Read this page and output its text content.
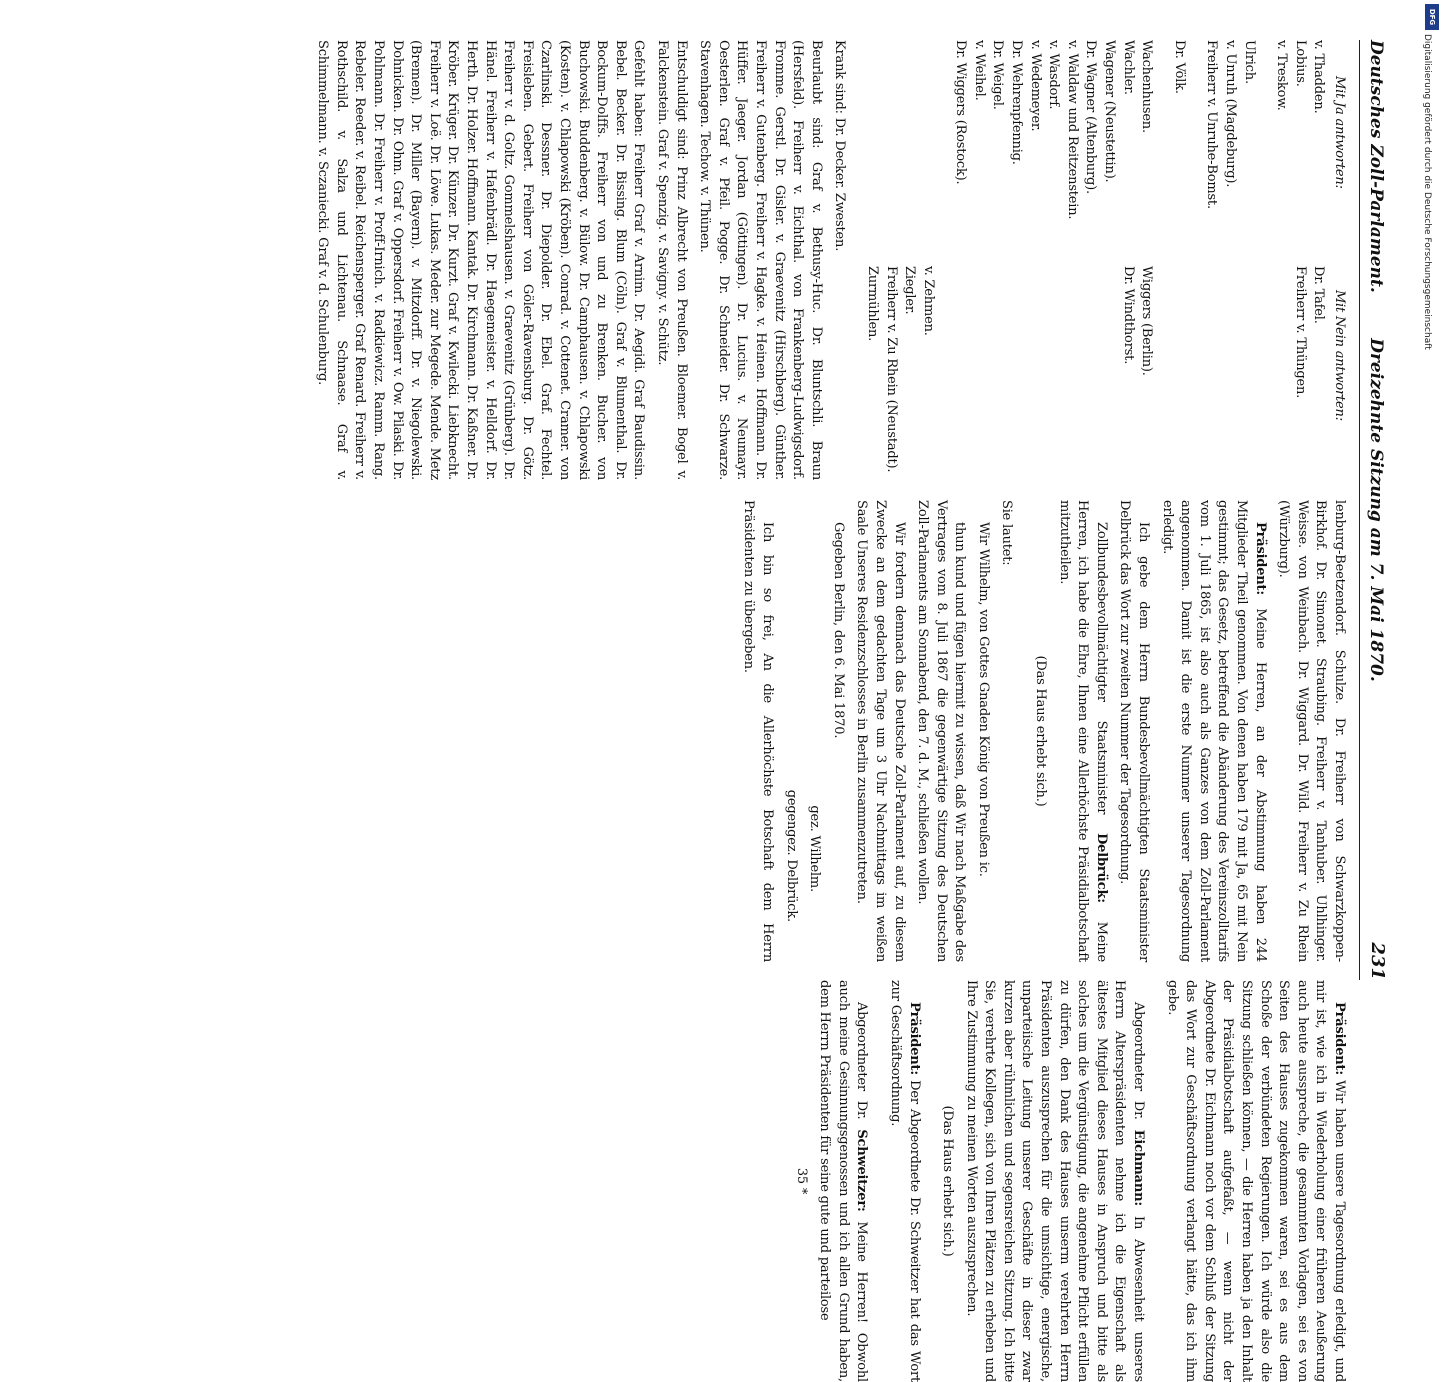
Deutsches Zoll-Parlament.
Dreizehnte Sitzung am 7. Mai 1870.
231
Mit Ja antworten: Mit Nein antworten:
v. Thadden.
Lobius.
v. Treskow.
Dr. Tafel.
Freiherr v. Thüngen.
Ulrich.
v. Unruh (Magdeburg).
Freiherr v. Unruhe-Bomst.
Dr. Völk.
Wachenhusen.
Wachler.
Wagener (Neustettin).
Dr. Wagner (Altenburg).
v. Waldaw und Reitzenstein.
v. Wasdorf.
v. Wedemeyer.
Dr. Wehrenpfennig.
Dr. Weigel.
v. Weihel.
Dr. Wiggers (Rostock).
Wiggers (Berlin).
Dr. Windthorst.
v. Zehmen.
Ziegler.
Freiherr v. Zu Rhein (Neustadt).
Zurmühlen.

Krank sind: Dr. Decker. Zwesten.

Beurlaubt sind: Graf v. Bethusy-Huc. Dr. Bluntschli. Braun (Hersfeld). Freiherr v. Eichthal. von Frankenberg-Ludwigsdorf. Fromme. Gerstl. Dr. Gisler. v. Graevenitz (Hirschberg). Günther. Freiherr v. Gutenberg. Freiherr v. Hagke. v. Heinen. Hoffmann. Dr. Hüffer. Jaeger. Jordan (Göttingen). Dr. Lucius. v. Neumayr. Oesterlen. Graf v. Pfeil. Pogge. Dr. Schneider. Dr. Schwarze. Stavenhagen. Techow. v. Thünen.

Entschuldigt sind: Prinz Albrecht von Preußen. Bloemer. Bogel v. Falckenstein. Graf v. Spenzig. v. Savigny. v. Schütz.

Gefehlt haben: Freiherr Graf v. Arnim. Dr. Aegidi. Graf Baudissin. Bebel. Becker. Dr. Bissing. Blum (Cöln). Graf v. Blumenthal. Dr. Bockum-Dolffs. Freiherr von und zu Brenken. Bucher. von Buchowski. Buddenberg. v. Bülow. Dr. Camphausen. v. Chlapowski (Kosten). v. Chlapowski (Kröben). Conrad. v. Cottenet. Cramer. von Czarlinski. Dessner. Dr. Diepolder. Dr. Ebel. Graf. Fechtel. Freisleben. Gebert. Freiherr von Göler-Ravensburg. Dr. Götz. Freiherr v. d. Goltz. Gommelshausen. v. Graevenitz (Grünberg). Dr. Hänel. Freiherr v. Hafenbrädl. Dr. Haegemeister. v. Helldorf. Dr. Herth. Dr. Holzer. Hoffmann. Kantak. Dr. Kirchmann. Dr. Kaßner. Dr. Kröber. Krüger. Dr. Künzer. Dr. Kurzt. Graf v. Kwilecki. Liebknecht. Freiherr v. Loë. Dr. Löwe. Lukas. Meder. zur Megede. Mende. Metz (Bremen). Dr. Miller (Bayern). v. Mitzdorff. Dr. v. Niegolewski. Dohnicken. Dr. Ohm. Graf v. Oppersdorf. Freiherr v. Ow. Pilaski. Dr. Pohlmann. Dr. Freiherr v. Proff-Irnich. v. Radkiewicz. Ramm. Rang. Rebeler. Reeder. v. Reibel. Reichensperger. Graf Renard. Freiherr v. Rothschild. v. Salza und Lichtenau. Schnaase. Graf v. Schimmelmann. v. Sczaniecki. Graf v. d. Schulenburg.

lenburg-Beetzendorf. Schulze. Dr. Freiherr von Schwarzkoppen-Birkhof. Dr. Simonet. Straubing. Freiherr v. Tanhuber. Uhlhinger. Weisse. von Weinbach. Dr. Wiggard. Dr. Wild. Freiherr v. Zu Rhein (Würzburg).

Präsident: Meine Herren, an der Abstimmung haben 244 Mitglieder Theil genommen. Von denen haben 179 mit Ja, 65 mit Nein gestimmt; das Gesetz, betreffend die Abänderung des Vereinszolltarifs vom 1. Juli 1865, ist also auch als Ganzes von dem Zoll-Parlament angenommen. Damit ist die erste Nummer unserer Tagesordnung erledigt.

Ich gebe dem Herrn Bundesbevollmächtigten Staatsminister Delbrück das Wort zur zweiten Nummer der Tagesordnung.

Zollbundesbevollmächtigter Staatsminister Delbrück: Meine Herren, ich habe die Ehre, Ihnen eine Allerhöchste Präsidialbotschaft mitzutheilen.

(Das Haus erhebt sich.)

Sie lautet:

Wir Wilhelm, von Gottes Gnaden König von Preußen ic.

thun kund und fügen hiermit zu wissen, daß Wir nach Maßgabe des Vertrages vom 8. Juli 1867 die gegenwärtige Sitzung des Deutschen Zoll-Parlaments am Sonnabend, den 7. d. M., schließen wollen.

Wir fordern demnach das Deutsche Zoll-Parlament auf, zu diesem Zwecke an dem gedachten Tage um 3 Uhr Nachmittags im weißen Saale Unseres Residenzschlosses in Berlin zusammenzutreten.

Gegeben Berlin, den 6. Mai 1870.

gez. Wilhelm.

gegengez. Delbrück.

Ich bin so frei, An die Allerhöchste Botschaft dem Herrn Präsidenten zu übergeben.

Präsident: Wir haben unsere Tagesordnung erledigt, und mir ist, wie ich in Wiederholung einer früheren Aeußerung auch heute ausspreche, die gesammten Vorlagen, sei es von Seiten des Hauses zugekommen waren, sei es aus dem Schoße der verbündeten Regierungen. Ich würde also die Sitzung schließen können, — die Herren haben ja den Inhalt der Präsidialbotschaft aufgefaßt, — wenn nicht der Abgeordnete Dr. Eichmann noch vor dem Schluß der Sitzung das Wort zur Geschäftsordnung verlangt hätte, das ich ihm gebe.

Abgeordneter Dr. Eichmann: In Abwesenheit unseres Herrn Alterspräsidenten nehme ich die Eigenschaft als ältestes Mitglied dieses Hauses in Anspruch und bitte als solches um die Vergünstigung, die angenehme Pflicht erfüllen zu dürfen, den Dank des Hauses unserm verehrten Herrn Präsidenten auszusprechen für die umsichtige, energische, unparteiische Leitung unserer Geschäfte in dieser zwar kurzen aber rühmlichen und segensreichen Sitzung. Ich bitte Sie, verehrte Kollegen, sich von Ihren Plätzen zu erheben und Ihre Zustimmung zu meinen Worten auszusprechen.

(Das Haus erhebt sich.)

Präsident: Der Abgeordnete Dr. Schweitzer hat das Wort zur Geschäftsordnung.

Abgeordneter Dr. Schweitzer: Meine Herren! Obwohl auch meine Gesinnungsgenossen und ich allen Grund haben, dem Herrn Präsidenten für seine gute und parteilose

35 *

DFG
Digitalisierung gefördert durch die Deutsche Forschungsgemeinschaft
